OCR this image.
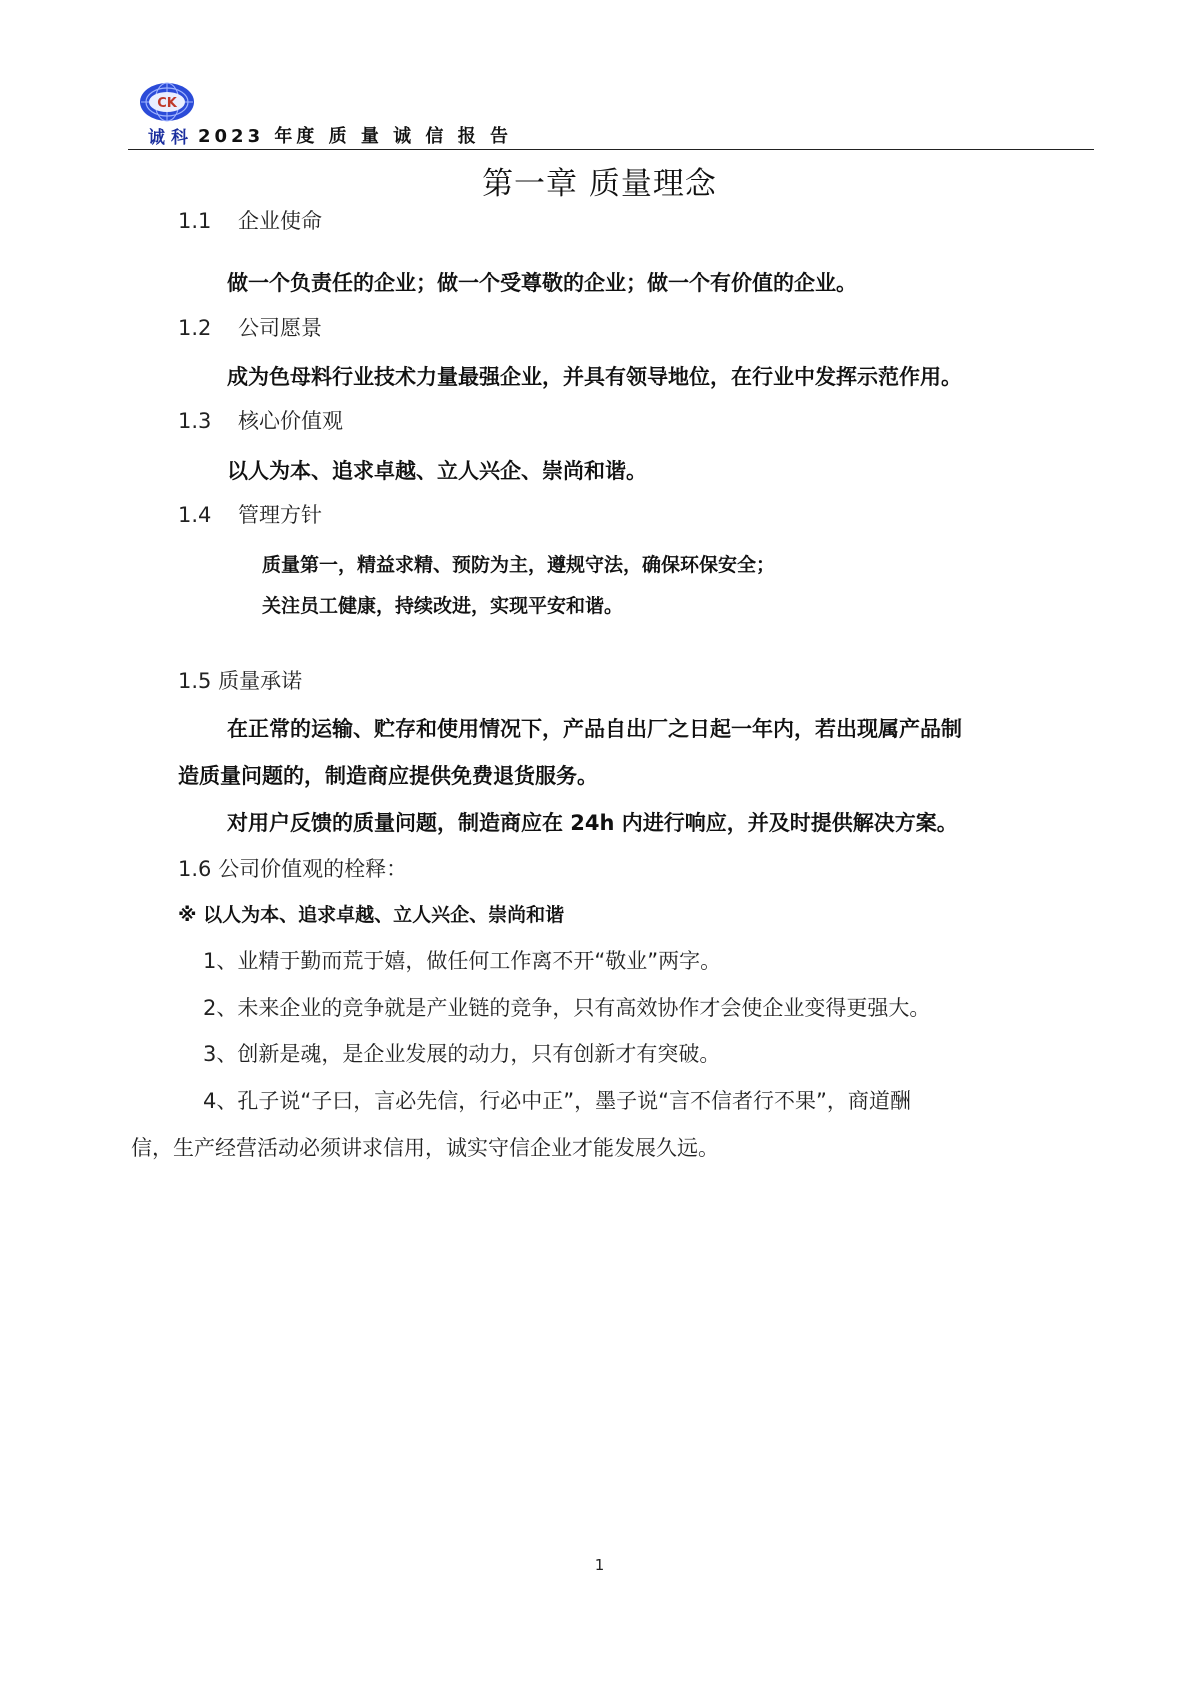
CK
诚科 2023 年度 质 量 诚 信 报 告
第一章 质量理念
1.1 企业使命
做一个负责任的企业；做一个受尊敬的企业；做一个有价值的企业。
1.2 公司愿景
成为色母料行业技术力量最强企业，并具有领导地位，在行业中发挥示范作用。
1.3 核心价值观
以人为本、追求卓越、立人兴企、崇尚和谐。
1.4 管理方针
质量第一，精益求精、预防为主，遵规守法，确保环保安全；
关注员工健康，持续改进，实现平安和谐。
1.5 质量承诺
在正常的运输、贮存和使用情况下，产品自出厂之日起一年内，若出现属产品制
造质量问题的，制造商应提供免费退货服务。
对用户反馈的质量问题，制造商应在 24h 内进行响应，并及时提供解决方案。
1.6 公司价值观的栓释：
※ 以人为本、追求卓越、立人兴企、崇尚和谐
1、业精于勤而荒于嬉，做任何工作离不开“敬业”两字。
2、未来企业的竞争就是产业链的竞争，只有高效协作才会使企业变得更强大。
3、创新是魂，是企业发展的动力，只有创新才有突破。
4、孔子说“子曰，言必先信，行必中正”，墨子说“言不信者行不果”，商道酬
信，生产经营活动必须讲求信用，诚实守信企业才能发展久远。
1
